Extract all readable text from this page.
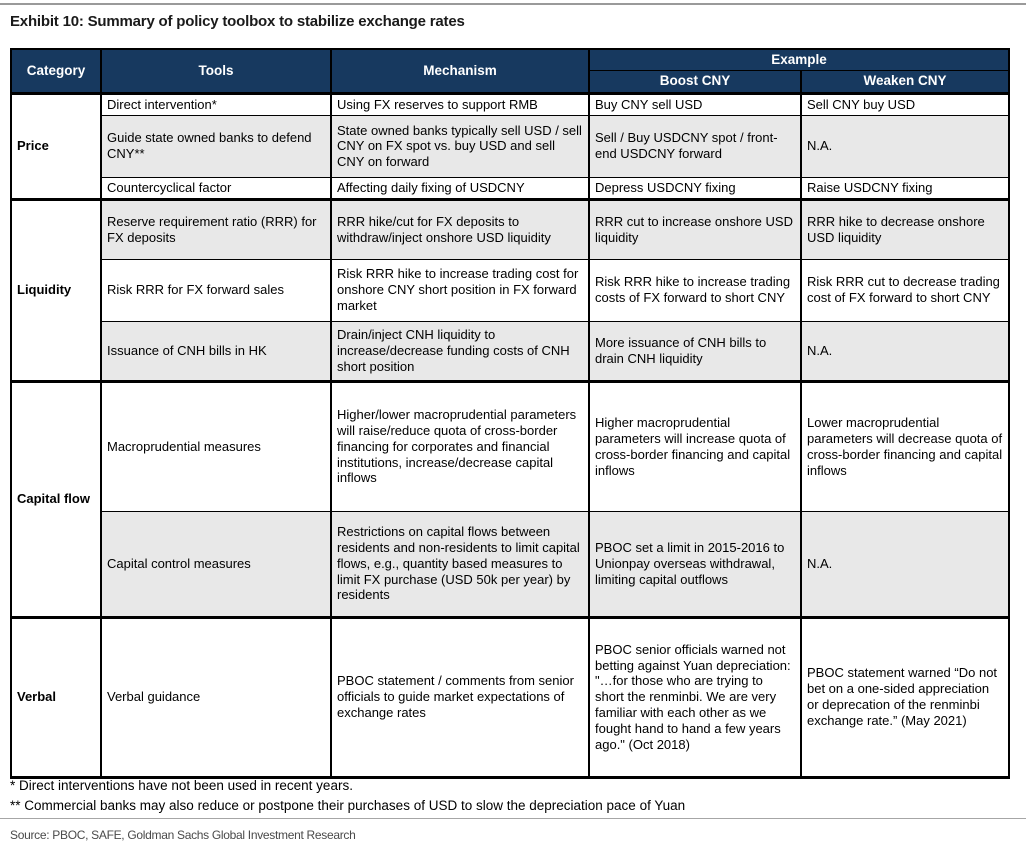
Exhibit 10: Summary of policy toolbox to stabilize exchange rates
Category	Tools	Mechanism	Example	
			Boost CNY	Weaken CNY
Price	Direct intervention*	Using FX reserves to support RMB	Buy CNY sell USD	Sell CNY buy USD
	Guide state owned banks to defend CNY**	State owned banks typically sell USD / sell CNY on FX spot vs. buy USD and sell CNY on forward	Sell / Buy USDCNY spot / front-end USDCNY forward	N.A.
	Countercyclical factor	Affecting daily fixing of USDCNY	Depress USDCNY fixing	Raise USDCNY fixing
Liquidity	Reserve requirement ratio (RRR) for FX deposits	RRR hike/cut for FX deposits to withdraw/inject onshore USD liquidity	RRR cut to increase onshore USD liquidity	RRR hike to decrease onshore USD liquidity
	Risk RRR for FX forward sales	Risk RRR hike to increase trading cost for onshore CNY short position in FX forward market	Risk RRR hike to increase trading costs of FX forward to short CNY	Risk RRR cut to decrease trading cost of FX forward to short CNY
	Issuance of CNH bills in HK	Drain/inject CNH liquidity to increase/decrease funding costs of CNH short position	More issuance of CNH bills to drain CNH liquidity	N.A.
Capital flow	Macroprudential measures	Higher/lower macroprudential parameters will raise/reduce quota of cross-border financing for corporates and financial institutions, increase/decrease capital inflows	Higher macroprudential parameters will increase quota of cross-border financing and capital inflows	Lower macroprudential parameters will decrease quota of cross-border financing and capital inflows
	Capital control measures	Restrictions on capital flows between residents and non-residents to limit capital flows, e.g., quantity based measures to limit FX purchase (USD 50k per year) by residents	PBOC set a limit in 2015-2016 to Unionpay overseas withdrawal, limiting capital outflows	N.A.
Verbal	Verbal guidance	PBOC statement / comments from senior officials to guide market expectations of exchange rates	PBOC senior officials warned not betting against Yuan depreciation: "…for those who are trying to short the renminbi. We are very familiar with each other as we fought hand to hand a few years ago." (Oct 2018)	PBOC statement warned “Do not bet on a one-sided appreciation or deprecation of the renminbi exchange rate.” (May 2021)
* Direct interventions have not been used in recent years.
** Commercial banks may also reduce or postpone their purchases of USD to slow the depreciation pace of Yuan
Source: PBOC, SAFE, Goldman Sachs Global Investment Research
